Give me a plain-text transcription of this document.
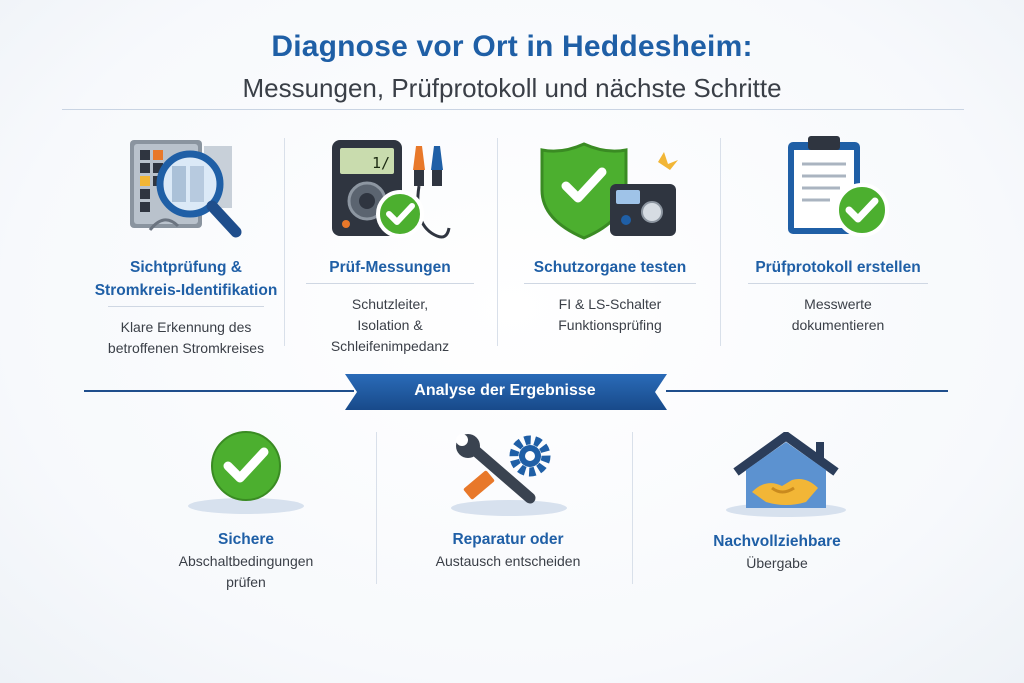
Diagnose vor Ort in Heddesheim:
Messungen, Prüfprotokoll und nächste Schritte
1/
Sichtprüfung &
Stromkreis-Identifikation
Klare Erkennung des
betroffenen Stromkreises
Prüf-Messungen
Schutzleiter,
Isolation &
Schleifenimpedanz
Schutzorgane testen
FI & LS-Schalter
Funktionsprüfing
Prüfprotokoll erstellen
Messwerte
dokumentieren
Analyse der Ergebnisse
Sichere
Abschaltbedingungen
prüfen
Reparatur oder
Austausch entscheiden
Nachvollziehbare
Übergabe
